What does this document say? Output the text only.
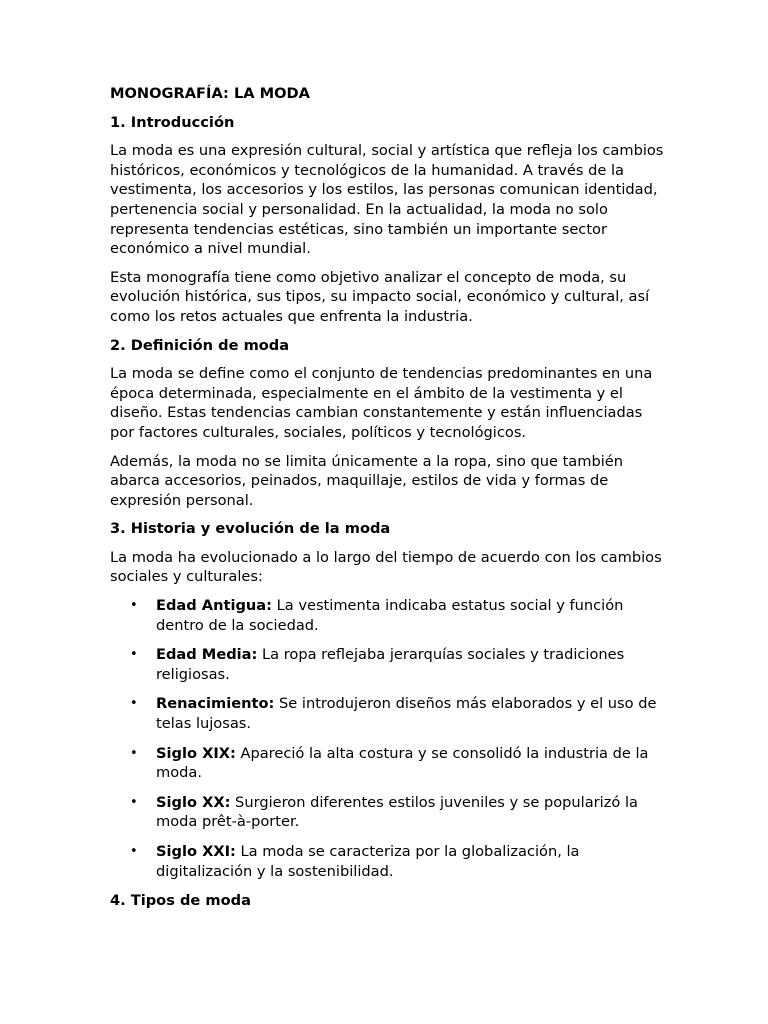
MONOGRAFÍA: LA MODA
1. Introducción

La moda es una expresión cultural, social y artística que refleja los cambios históricos, económicos y tecnológicos de la humanidad. A través de la vestimenta, los accesorios y los estilos, las personas comunican identidad, pertenencia social y personalidad. En la actualidad, la moda no solo representa tendencias estéticas, sino también un importante sector económico a nivel mundial.

Esta monografía tiene como objetivo analizar el concepto de moda, su evolución histórica, sus tipos, su impacto social, económico y cultural, así como los retos actuales que enfrenta la industria.

2. Definición de moda

La moda se define como el conjunto de tendencias predominantes en una época determinada, especialmente en el ámbito de la vestimenta y el diseño. Estas tendencias cambian constantemente y están influenciadas por factores culturales, sociales, políticos y tecnológicos.

Además, la moda no se limita únicamente a la ropa, sino que también abarca accesorios, peinados, maquillaje, estilos de vida y formas de expresión personal.

3. Historia y evolución de la moda

La moda ha evolucionado a lo largo del tiempo de acuerdo con los cambios sociales y culturales:

• Edad Antigua: La vestimenta indicaba estatus social y función dentro de la sociedad.
• Edad Media: La ropa reflejaba jerarquías sociales y tradiciones religiosas.
• Renacimiento: Se introdujeron diseños más elaborados y el uso de telas lujosas.
• Siglo XIX: Apareció la alta costura y se consolidó la industria de la moda.
• Siglo XX: Surgieron diferentes estilos juveniles y se popularizó la moda prêt-à-porter.
• Siglo XXI: La moda se caracteriza por la globalización, la digitalización y la sostenibilidad.
4. Tipos de moda
